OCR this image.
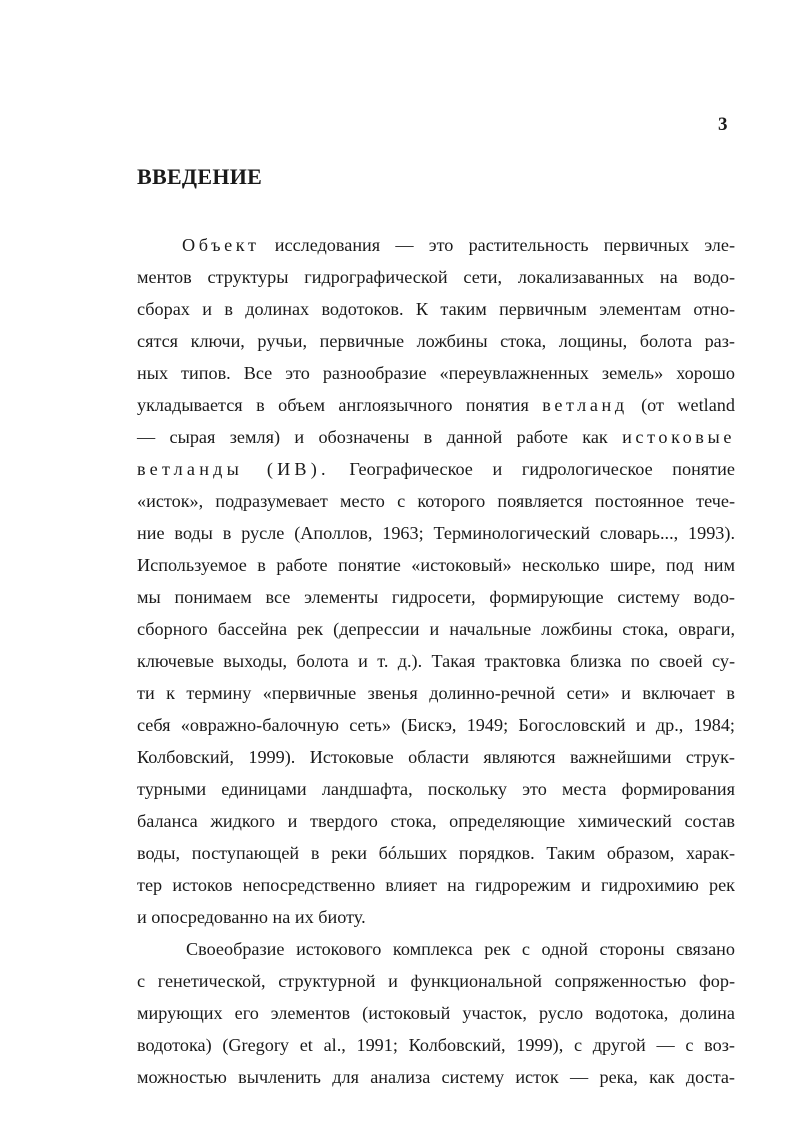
3
ВВЕДЕНИЕ
Объект исследования — это растительность первичных эле-
ментов структуры гидрографической сети, локализаванных на водо-
сборах и в долинах водотоков. К таким первичным элементам отно-
сятся ключи, ручьи, первичные ложбины стока, лощины, болота раз-
ных типов. Все это разнообразие «переувлажненных земель» хорошо
укладывается в объем англоязычного понятия ветланд (от wetland
— сырая земля) и обозначены в данной работе как истоковые
ветланды (ИВ). Географическое и гидрологическое понятие
«исток», подразумевает место с которого появляется постоянное тече-
ние воды в русле (Аполлов, 1963; Терминологический словарь..., 1993).
Используемое в работе понятие «истоковый» несколько шире, под ним
мы понимаем все элементы гидросети, формирующие систему водо-
сборного бассейна рек (депрессии и начальные ложбины стока, овраги,
ключевые выходы, болота и т. д.). Такая трактовка близка по своей су-
ти к термину «первичные звенья долинно-речной сети» и включает в
себя «овражно-балочную сеть» (Бискэ, 1949; Богословский и др., 1984;
Колбовский, 1999). Истоковые области являются важнейшими струк-
турными единицами ландшафта, поскольку это места формирования
баланса жидкого и твердого стока, определяющие химический состав
воды, поступающей в реки бóльших порядков. Таким образом, харак-
тер истоков непосредственно влияет на гидрорежим и гидрохимию рек
и опосредованно на их биоту.
Своеобразие истокового комплекса рек с одной стороны связано
с генетической, структурной и функциональной сопряженностью фор-
мирующих его элементов (истоковый участок, русло водотока, долина
водотока) (Gregory et al., 1991; Колбовский, 1999), с другой — с воз-
можностью вычленить для анализа систему исток — река, как доста-
